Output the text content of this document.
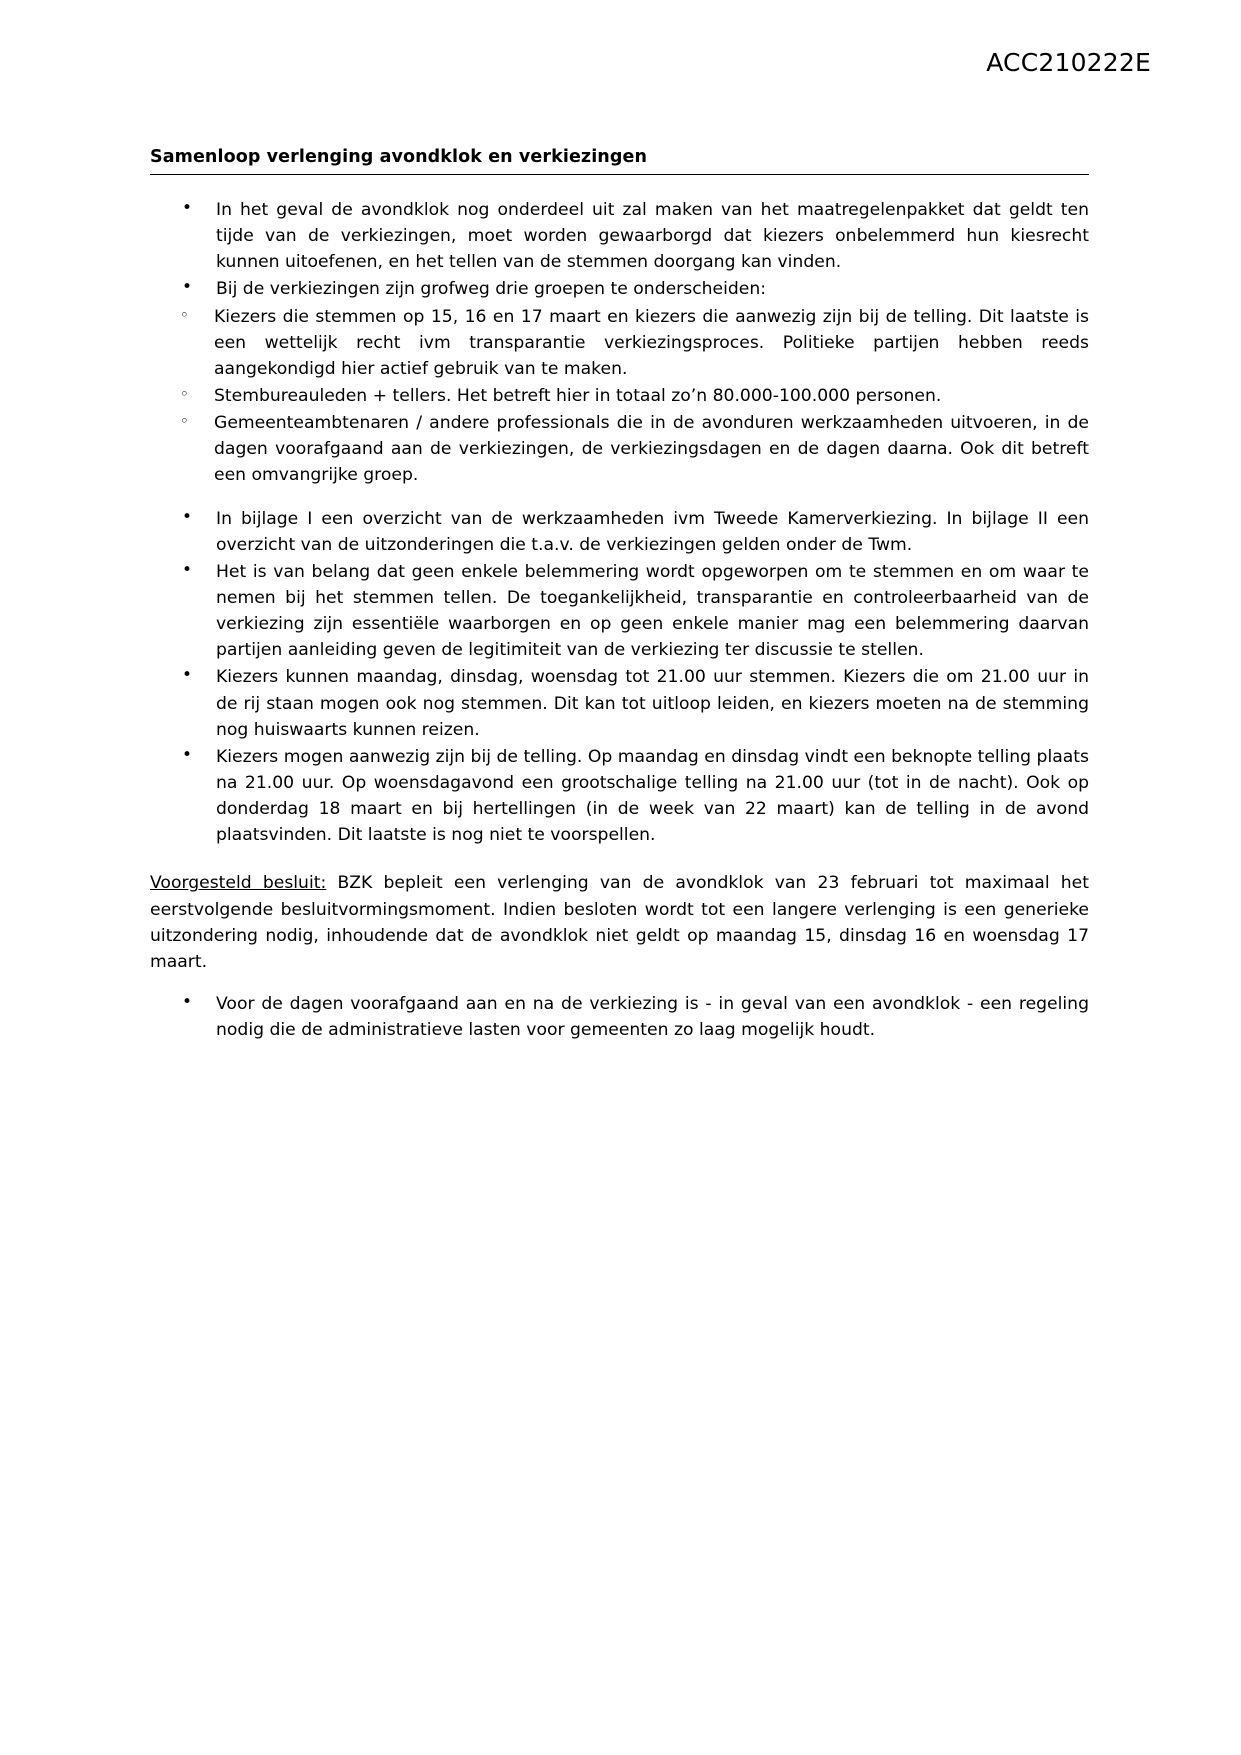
ACC210222E
Samenloop verlenging avondklok en verkiezingen
• In het geval de avondklok nog onderdeel uit zal maken van het maatregelenpakket dat geldt ten tijde van de verkiezingen, moet worden gewaarborgd dat kiezers onbelemmerd hun kiesrecht kunnen uitoefenen, en het tellen van de stemmen doorgang kan vinden.
• Bij de verkiezingen zijn grofweg drie groepen te onderscheiden:
◦ Kiezers die stemmen op 15, 16 en 17 maart en kiezers die aanwezig zijn bij de telling. Dit laatste is een wettelijk recht ivm transparantie verkiezingsproces. Politieke partijen hebben reeds aangekondigd hier actief gebruik van te maken.
◦ Stembureauleden + tellers. Het betreft hier in totaal zo’n 80.000-100.000 personen.
◦ Gemeenteambtenaren / andere professionals die in de avonduren werkzaamheden uitvoeren, in de dagen voorafgaand aan de verkiezingen, de verkiezingsdagen en de dagen daarna. Ook dit betreft een omvangrijke groep.
• In bijlage I een overzicht van de werkzaamheden ivm Tweede Kamerverkiezing. In bijlage II een overzicht van de uitzonderingen die t.a.v. de verkiezingen gelden onder de Twm.
• Het is van belang dat geen enkele belemmering wordt opgeworpen om te stemmen en om waar te nemen bij het stemmen tellen. De toegankelijkheid, transparantie en controleerbaarheid van de verkiezing zijn essentiële waarborgen en op geen enkele manier mag een belemmering daarvan partijen aanleiding geven de legitimiteit van de verkiezing ter discussie te stellen.
• Kiezers kunnen maandag, dinsdag, woensdag tot 21.00 uur stemmen. Kiezers die om 21.00 uur in de rij staan mogen ook nog stemmen. Dit kan tot uitloop leiden, en kiezers moeten na de stemming nog huiswaarts kunnen reizen.
• Kiezers mogen aanwezig zijn bij de telling. Op maandag en dinsdag vindt een beknopte telling plaats na 21.00 uur. Op woensdagavond een grootschalige telling na 21.00 uur (tot in de nacht). Ook op donderdag 18 maart en bij hertellingen (in de week van 22 maart) kan de telling in de avond plaatsvinden. Dit laatste is nog niet te voorspellen.

Voorgesteld besluit: BZK bepleit een verlenging van de avondklok van 23 februari tot maximaal het eerstvolgende besluitvormingsmoment. Indien besloten wordt tot een langere verlenging is een generieke uitzondering nodig, inhoudende dat de avondklok niet geldt op maandag 15, dinsdag 16 en woensdag 17 maart.

• Voor de dagen voorafgaand aan en na de verkiezing is - in geval van een avondklok - een regeling nodig die de administratieve lasten voor gemeenten zo laag mogelijk houdt.
